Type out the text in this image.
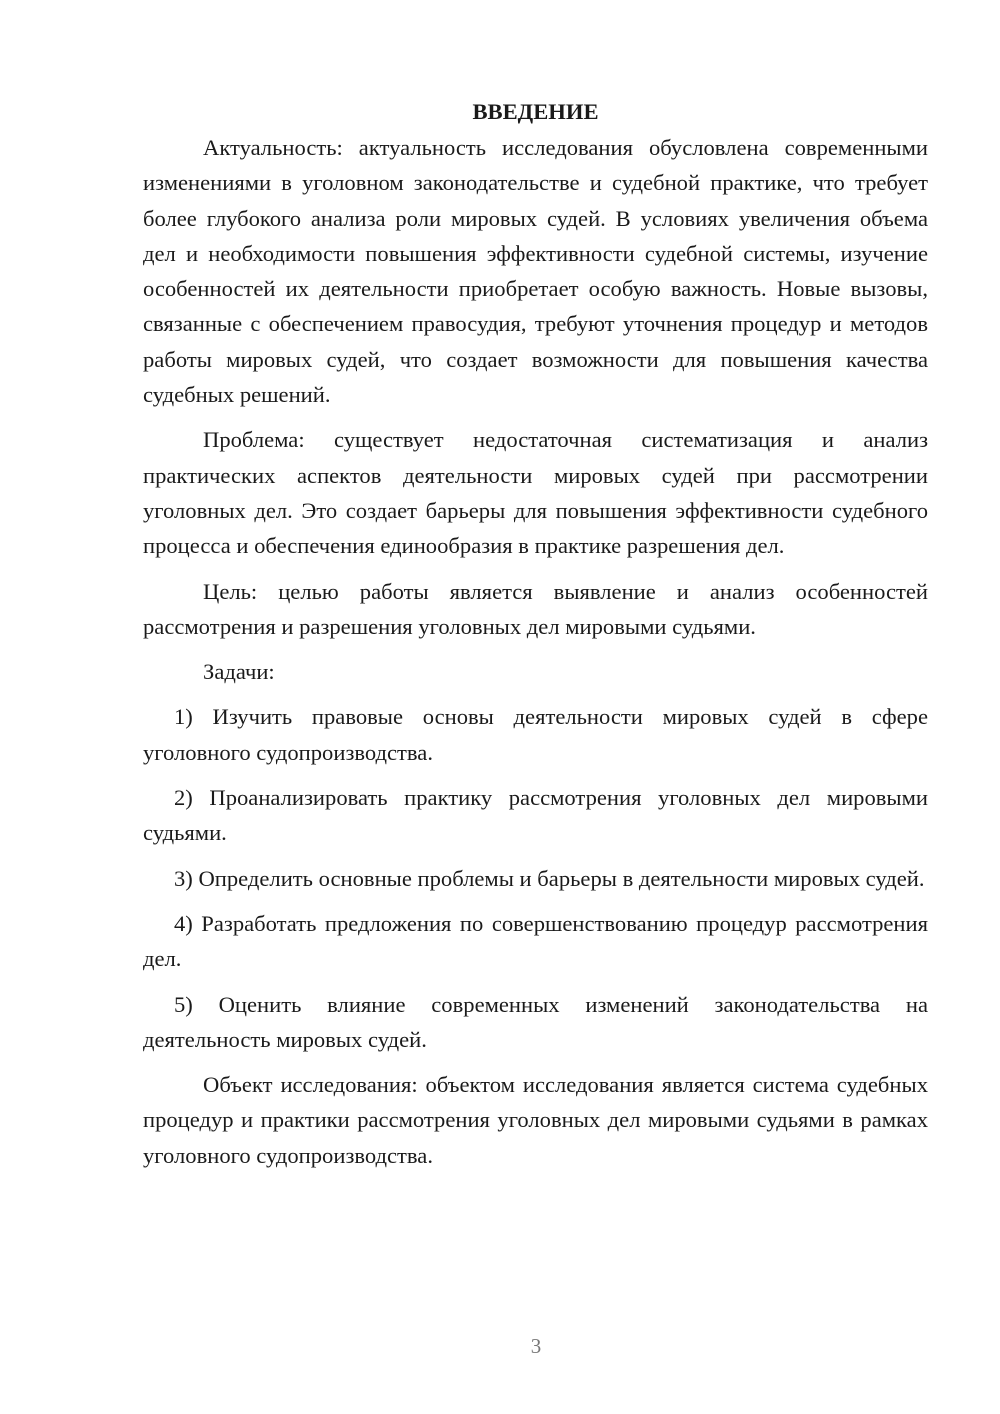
ВВЕДЕНИЕ

Актуальность: актуальность исследования обусловлена современными изменениями в уголовном законодательстве и судебной практике, что требует более глубокого анализа роли мировых судей. В условиях увеличения объема дел и необходимости повышения эффективности судебной системы, изучение особенностей их деятельности приобретает особую важность. Новые вызовы, связанные с обеспечением правосудия, требуют уточнения процедур и методов работы мировых судей, что создает возможности для повышения качества судебных решений.

Проблема: существует недостаточная систематизация и анализ практических аспектов деятельности мировых судей при рассмотрении уголовных дел. Это создает барьеры для повышения эффективности судебного процесса и обеспечения единообразия в практике разрешения дел.

Цель: целью работы является выявление и анализ особенностей рассмотрения и разрешения уголовных дел мировыми судьями.

Задачи:

1) Изучить правовые основы деятельности мировых судей в сфере уголовного судопроизводства.

2) Проанализировать практику рассмотрения уголовных дел мировыми судьями.

3) Определить основные проблемы и барьеры в деятельности мировых судей.

4) Разработать предложения по совершенствованию процедур рассмотрения дел.

5) Оценить влияние современных изменений законодательства на деятельность мировых судей.

Объект исследования: объектом исследования является система судебных процедур и практики рассмотрения уголовных дел мировыми судьями в рамках уголовного судопроизводства.

3
